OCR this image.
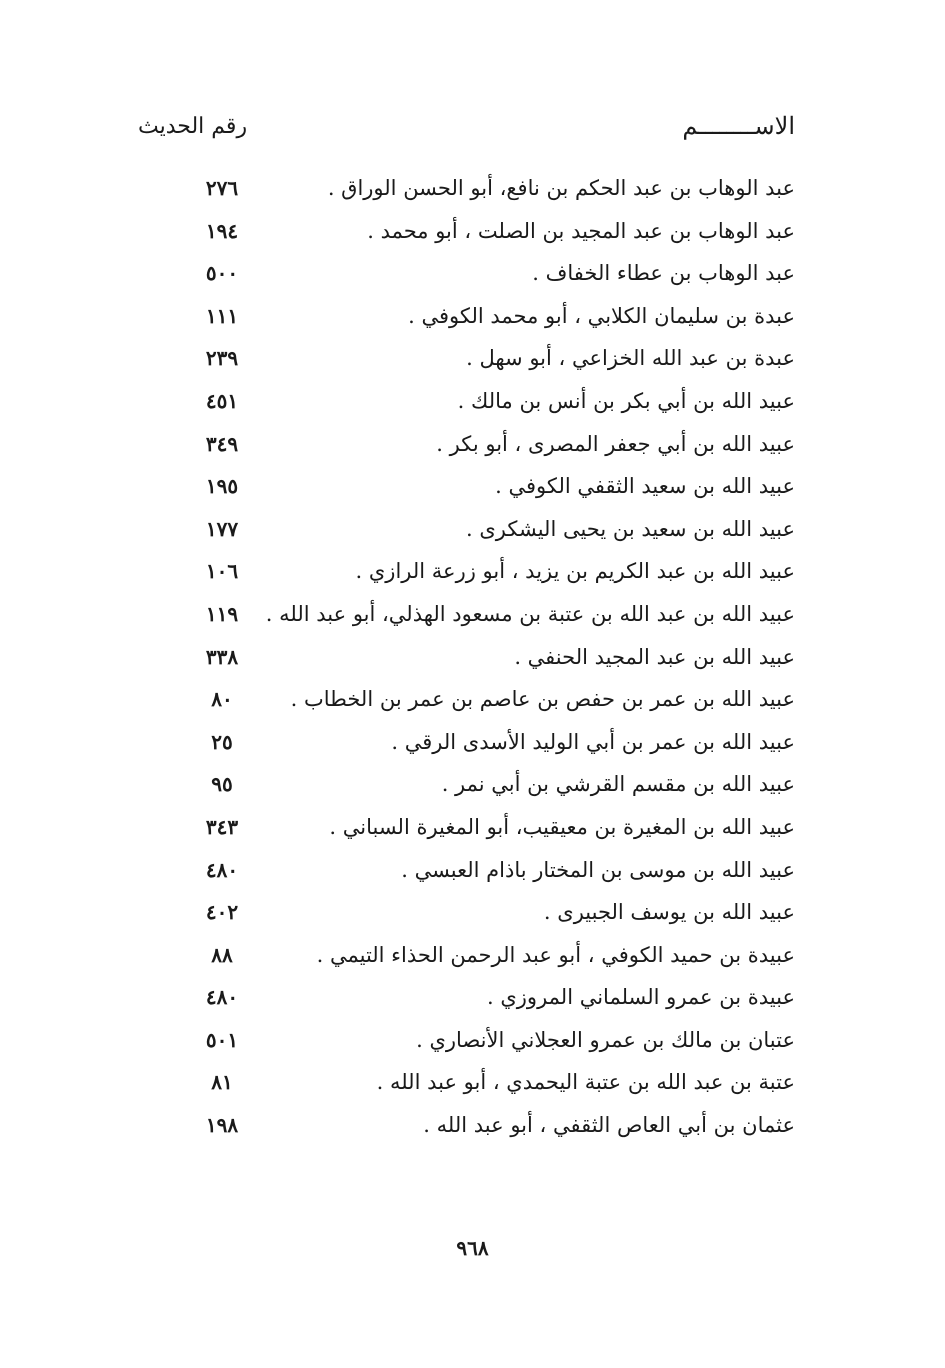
الاســــــــم
رقم الحديث
عبد الوهاب بن عبد الحكم بن نافع، أبو الحسن الوراق .
٢٧٦
عبد الوهاب بن عبد المجيد بن الصلت ، أبو محمد .
١٩٤
عبد الوهاب بن عطاء الخفاف .
٥٠٠
عبدة بن سليمان الكلابي ، أبو محمد الكوفي .
١١١
عبدة بن عبد الله الخزاعي ، أبو سهل .
٢٣٩
عبيد الله بن أبي بكر بن أنس بن مالك .
٤٥١
عبيد الله بن أبي جعفر المصرى ، أبو بكر .
٣٤٩
عبيد الله بن سعيد الثقفي الكوفي .
١٩٥
عبيد الله بن سعيد بن يحيى اليشكرى .
١٧٧
عبيد الله بن عبد الكريم بن يزيد ، أبو زرعة الرازي .
١٠٦
عبيد الله بن عبد الله بن عتبة بن مسعود الهذلي، أبو عبد الله .
١١٩
عبيد الله بن عبد المجيد الحنفي .
٣٣٨
عبيد الله بن عمر بن حفص بن عاصم بن عمر بن الخطاب .
٨٠
عبيد الله بن عمر بن أبي الوليد الأسدى الرقي .
٢٥
عبيد الله بن مقسم القرشي بن أبي نمر .
٩٥
عبيد الله بن المغيرة بن معيقيب، أبو المغيرة السباني .
٣٤٣
عبيد الله بن موسى بن المختار باذام العبسي .
٤٨٠
عبيد الله بن يوسف الجبيرى .
٤٠٢
عبيدة بن حميد الكوفي ، أبو عبد الرحمن الحذاء التيمي .
٨٨
عبيدة بن عمرو السلماني المروزي .
٤٨٠
عتبان بن مالك بن عمرو العجلاني الأنصاري .
٥٠١
عتبة بن عبد الله بن عتبة اليحمدي ، أبو عبد الله .
٨١
عثمان بن أبي العاص الثقفي ، أبو عبد الله .
١٩٨
٩٦٨
